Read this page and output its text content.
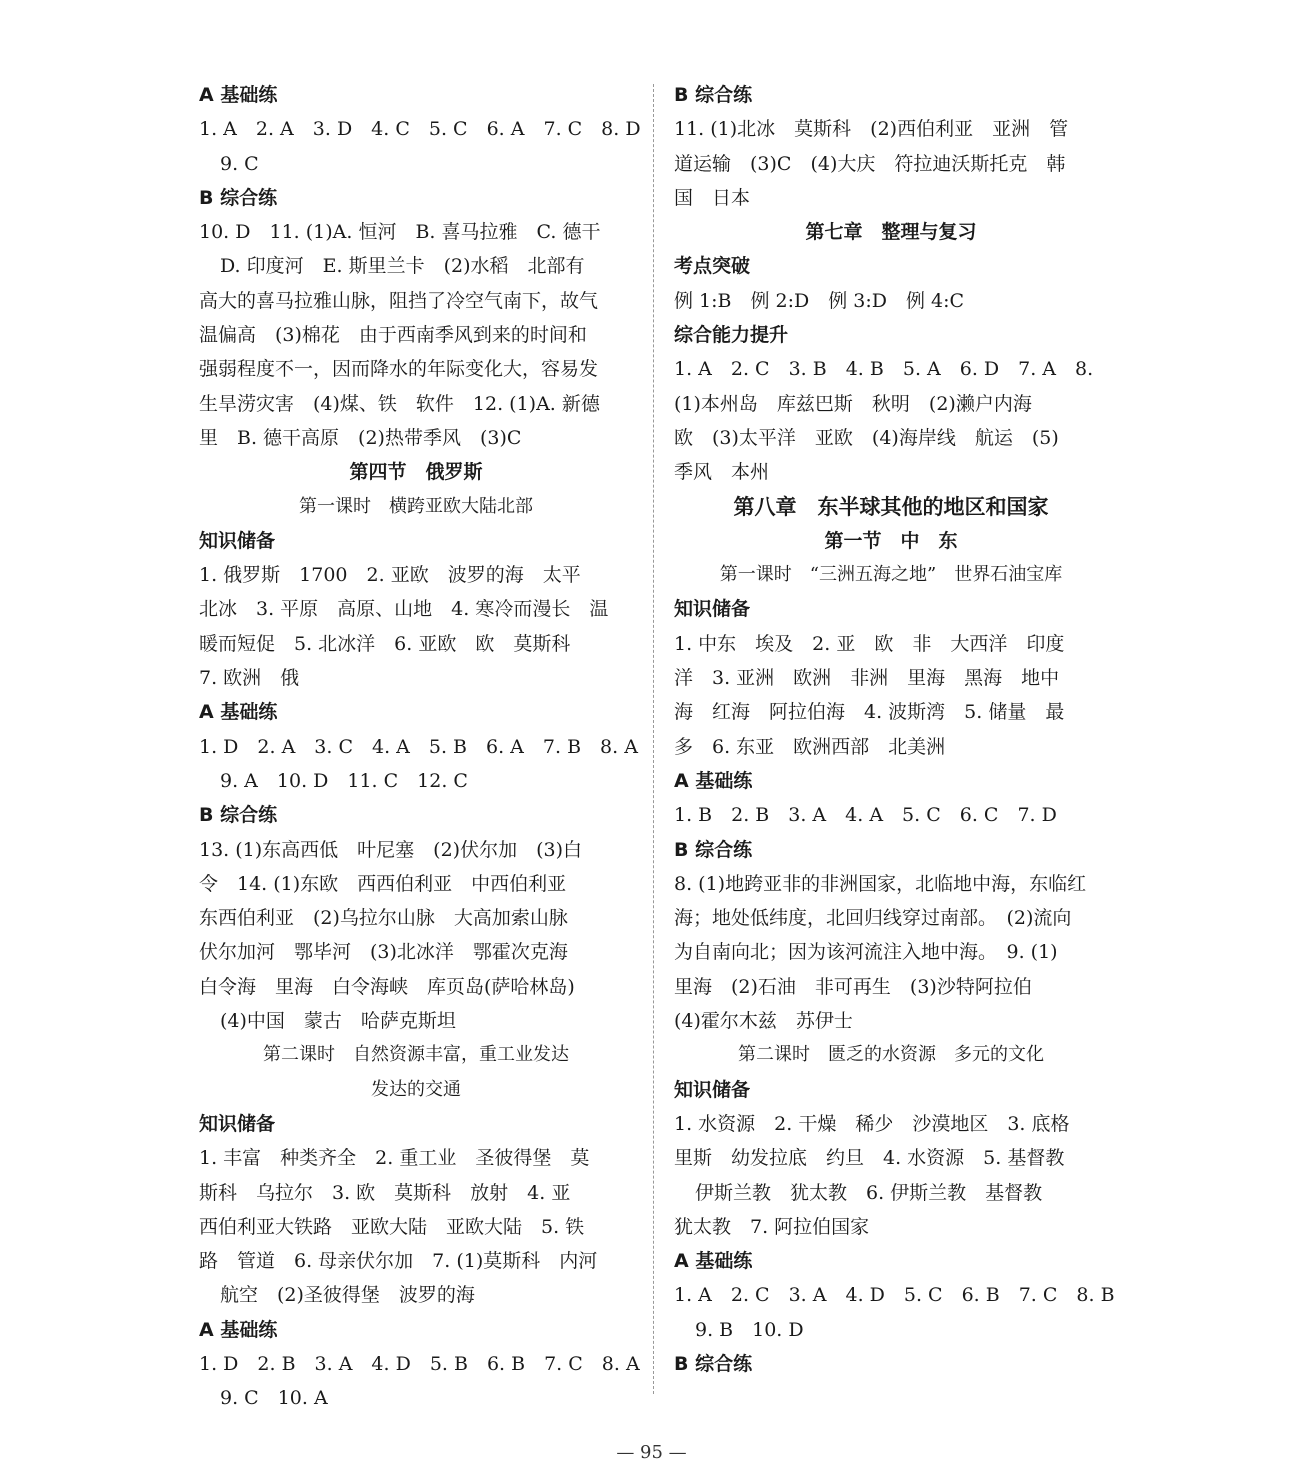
A 基础练
1. A　2. A　3. D　4. C　5. C　6. A　7. C　8. D
9. C
B 综合练
10. D　11. (1)A. 恒河　B. 喜马拉雅　C. 德干
D. 印度河　E. 斯里兰卡　(2)水稻　北部有
高大的喜马拉雅山脉，阻挡了冷空气南下，故气
温偏高　(3)棉花　由于西南季风到来的时间和
强弱程度不一，因而降水的年际变化大，容易发
生旱涝灾害　(4)煤、铁　软件　12. (1)A. 新德
里　B. 德干高原　(2)热带季风　(3)C
第四节　俄罗斯
第一课时　横跨亚欧大陆北部
知识储备
1. 俄罗斯　1700　2. 亚欧　波罗的海　太平
北冰　3. 平原　高原、山地　4. 寒冷而漫长　温
暖而短促　5. 北冰洋　6. 亚欧　欧　莫斯科
7. 欧洲　俄
A 基础练
1. D　2. A　3. C　4. A　5. B　6. A　7. B　8. A
9. A　10. D　11. C　12. C
B 综合练
13. (1)东高西低　叶尼塞　(2)伏尔加　(3)白
令　14. (1)东欧　西西伯利亚　中西伯利亚
东西伯利亚　(2)乌拉尔山脉　大高加索山脉
伏尔加河　鄂毕河　(3)北冰洋　鄂霍次克海
白令海　里海　白令海峡　库页岛(萨哈林岛)
(4)中国　蒙古　哈萨克斯坦
第二课时　自然资源丰富，重工业发达
发达的交通
知识储备
1. 丰富　种类齐全　2. 重工业　圣彼得堡　莫
斯科　乌拉尔　3. 欧　莫斯科　放射　4. 亚
西伯利亚大铁路　亚欧大陆　亚欧大陆　5. 铁
路　管道　6. 母亲伏尔加　7. (1)莫斯科　内河
航空　(2)圣彼得堡　波罗的海
A 基础练
1. D　2. B　3. A　4. D　5. B　6. B　7. C　8. A
9. C　10. A
B 综合练
11. (1)北冰　莫斯科　(2)西伯利亚　亚洲　管
道运输　(3)C　(4)大庆　符拉迪沃斯托克　韩
国　日本
第七章　整理与复习
考点突破
例 1:B　例 2:D　例 3:D　例 4:C
综合能力提升
1. A　2. C　3. B　4. B　5. A　6. D　7. A　8.
(1)本州岛　库兹巴斯　秋明　(2)濑户内海
欧　(3)太平洋　亚欧　(4)海岸线　航运　(5)
季风　本州
第八章　东半球其他的地区和国家
第一节　中　东
第一课时　“三洲五海之地”　世界石油宝库
知识储备
1. 中东　埃及　2. 亚　欧　非　大西洋　印度
洋　3. 亚洲　欧洲　非洲　里海　黑海　地中
海　红海　阿拉伯海　4. 波斯湾　5. 储量　最
多　6. 东亚　欧洲西部　北美洲
A 基础练
1. B　2. B　3. A　4. A　5. C　6. C　7. D
B 综合练
8. (1)地跨亚非的非洲国家，北临地中海，东临红
海；地处低纬度，北回归线穿过南部。　(2)流向
为自南向北；因为该河流注入地中海。　9. (1)
里海　(2)石油　非可再生　(3)沙特阿拉伯
(4)霍尔木兹　苏伊士
第二课时　匮乏的水资源　多元的文化
知识储备
1. 水资源　2. 干燥　稀少　沙漠地区　3. 底格
里斯　幼发拉底　约旦　4. 水资源　5. 基督教
伊斯兰教　犹太教　6. 伊斯兰教　基督教
犹太教　7. 阿拉伯国家
A 基础练
1. A　2. C　3. A　4. D　5. C　6. B　7. C　8. B
9. B　10. D
B 综合练
— 95 —
